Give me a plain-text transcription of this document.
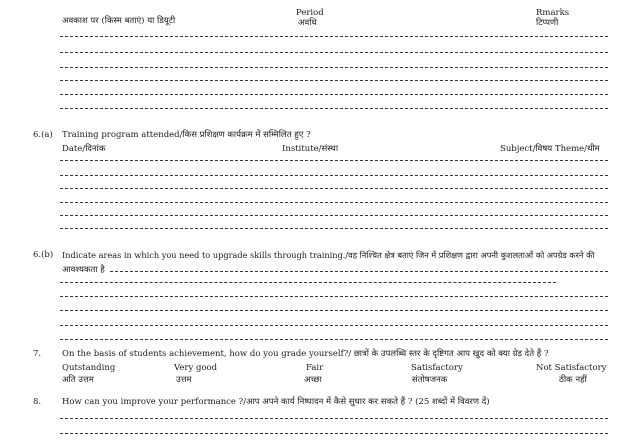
अवकाश पर (किस्म बताएं) या डियूटी
Period
अवधि
Rmarks
टिप्पणी
6.(a) Training program attended/किस प्रशिक्षण कार्यक्रम में सम्मिलित हुए ?
Date/दिनांक	Institute/संस्था	Subject/विषय Theme/थीम
6.(b) Indicate areas in which you need to upgrade skills through training./वह निश्चित क्षेत्र बताएं जिन में प्रशिक्षण द्वारा अपनी कुशलताओं को अपग्रेड करने की
आवश्यकता है
7. On the basis of students achievement, how do you grade yourself?/ छात्रों के उपलब्धि स्तर के दृष्टिगत आप खुद को क्या ग्रेड देते हैं ?
Qutstanding
अति उत्तम
Very good
उत्तम
Fair
अच्छा
Satisfactory
संतोषजनक
Not Satisfactory
ठीक नहीं
8. How can you improve your performance ?/आप अपने कार्य निष्पादन में कैसे सुधार कर सकते हैं ? (25 शब्दों में विवरण दें)
